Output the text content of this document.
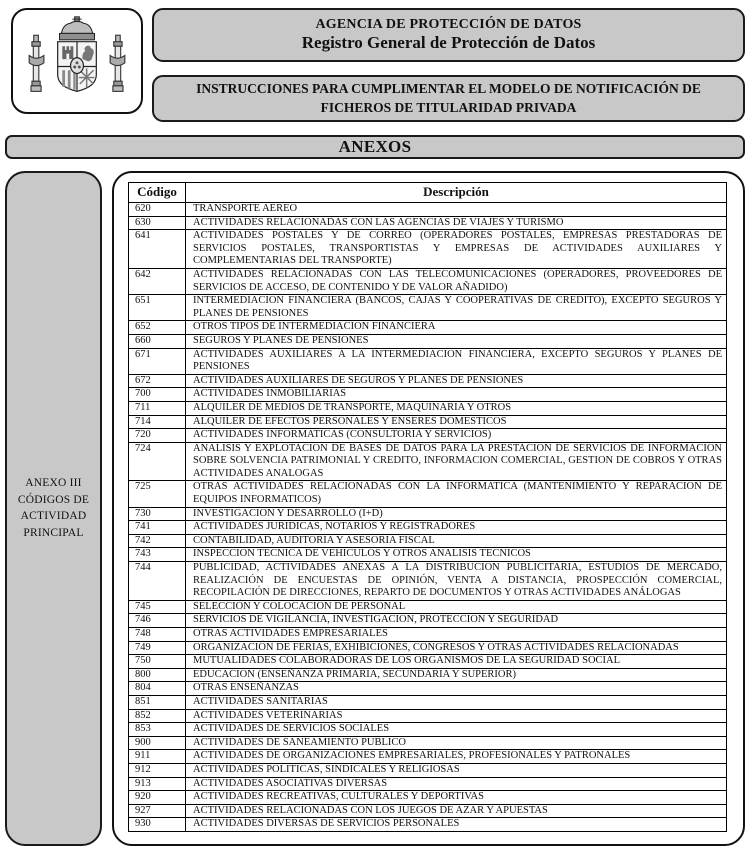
AGENCIA DE PROTECCIÓN DE DATOS
Registro General de Protección de Datos
INSTRUCCIONES PARA CUMPLIMENTAR EL MODELO DE NOTIFICACIÓN DE FICHEROS DE TITULARIDAD PRIVADA
ANEXOS
ANEXO III CÓDIGOS DE ACTIVIDAD PRINCIPAL
Código	Descripción
620	TRANSPORTE AEREO
630	ACTIVIDADES RELACIONADAS CON LAS AGENCIAS DE VIAJES Y TURISMO
641	ACTIVIDADES POSTALES Y DE CORREO (OPERADORES POSTALES, EMPRESAS PRESTADORAS DE SERVICIOS POSTALES, TRANSPORTISTAS Y EMPRESAS DE ACTIVIDADES AUXILIARES Y COMPLEMENTARIAS DEL TRANSPORTE)
642	ACTIVIDADES RELACIONADAS CON LAS TELECOMUNICACIONES (OPERADORES, PROVEEDORES DE SERVICIOS DE ACCESO, DE CONTENIDO Y DE VALOR AÑADIDO)
651	INTERMEDIACION FINANCIERA (BANCOS, CAJAS Y COOPERATIVAS DE CREDITO), EXCEPTO SEGUROS Y PLANES DE PENSIONES
652	OTROS TIPOS DE INTERMEDIACION FINANCIERA
660	SEGUROS Y PLANES DE PENSIONES
671	ACTIVIDADES AUXILIARES A LA INTERMEDIACION FINANCIERA, EXCEPTO SEGUROS Y PLANES DE PENSIONES
672	ACTIVIDADES AUXILIARES DE SEGUROS Y PLANES DE PENSIONES
700	ACTIVIDADES INMOBILIARIAS
711	ALQUILER DE MEDIOS DE TRANSPORTE, MAQUINARIA Y OTROS
714	ALQUILER DE EFECTOS PERSONALES Y ENSERES DOMESTICOS
720	ACTIVIDADES INFORMATICAS (CONSULTORIA Y SERVICIOS)
724	ANALISIS Y EXPLOTACION DE BASES DE DATOS PARA LA PRESTACION DE SERVICIOS DE INFORMACION SOBRE SOLVENCIA PATRIMONIAL Y CREDITO, INFORMACION COMERCIAL, GESTION DE COBROS Y OTRAS ACTIVIDADES ANALOGAS
725	OTRAS ACTIVIDADES RELACIONADAS CON LA INFORMATICA (MANTENIMIENTO Y REPARACION DE EQUIPOS INFORMATICOS)
730	INVESTIGACION Y DESARROLLO (I+D)
741	ACTIVIDADES JURIDICAS, NOTARIOS Y REGISTRADORES
742	CONTABILIDAD, AUDITORIA Y ASESORIA FISCAL
743	INSPECCION TECNICA DE VEHICULOS Y OTROS ANALISIS TECNICOS
744	PUBLICIDAD, ACTIVIDADES ANEXAS A LA DISTRIBUCION PUBLICITARIA, ESTUDIOS DE MERCADO, REALIZACIÓN DE ENCUESTAS DE OPINIÓN, VENTA A DISTANCIA, PROSPECCIÓN COMERCIAL, RECOPILACIÓN DE DIRECCIONES, REPARTO DE DOCUMENTOS Y OTRAS ACTIVIDADES ANÁLOGAS
745	SELECCIÓN Y COLOCACION DE PERSONAL
746	SERVICIOS DE VIGILANCIA, INVESTIGACION, PROTECCION Y SEGURIDAD
748	OTRAS ACTIVIDADES EMPRESARIALES
749	ORGANIZACIÓN DE FERIAS, EXHIBICIONES, CONGRESOS Y OTRAS ACTIVIDADES RELACIONADAS
750	MUTUALIDADES COLABORADORAS DE LOS ORGANISMOS DE LA SEGURIDAD SOCIAL
800	EDUCACION (ENSEÑANZA PRIMARIA, SECUNDARIA Y SUPERIOR)
804	OTRAS ENSEÑANZAS
851	ACTIVIDADES SANITARIAS
852	ACTIVIDADES VETERINARIAS
853	ACTIVIDADES DE SERVICIOS SOCIALES
900	ACTIVIDADES DE SANEAMIENTO PUBLICO
911	ACTIVIDADES DE ORGANIZACIONES EMPRESARIALES, PROFESIONALES Y PATRONALES
912	ACTIVIDADES POLITICAS, SINDICALES Y RELIGIOSAS
913	ACTIVIDADES ASOCIATIVAS DIVERSAS
920	ACTIVIDADES RECREATIVAS, CULTURALES Y DEPORTIVAS
927	ACTIVIDADES RELACIONADAS CON LOS JUEGOS DE AZAR Y APUESTAS
930	ACTIVIDADES DIVERSAS DE SERVICIOS PERSONALES
